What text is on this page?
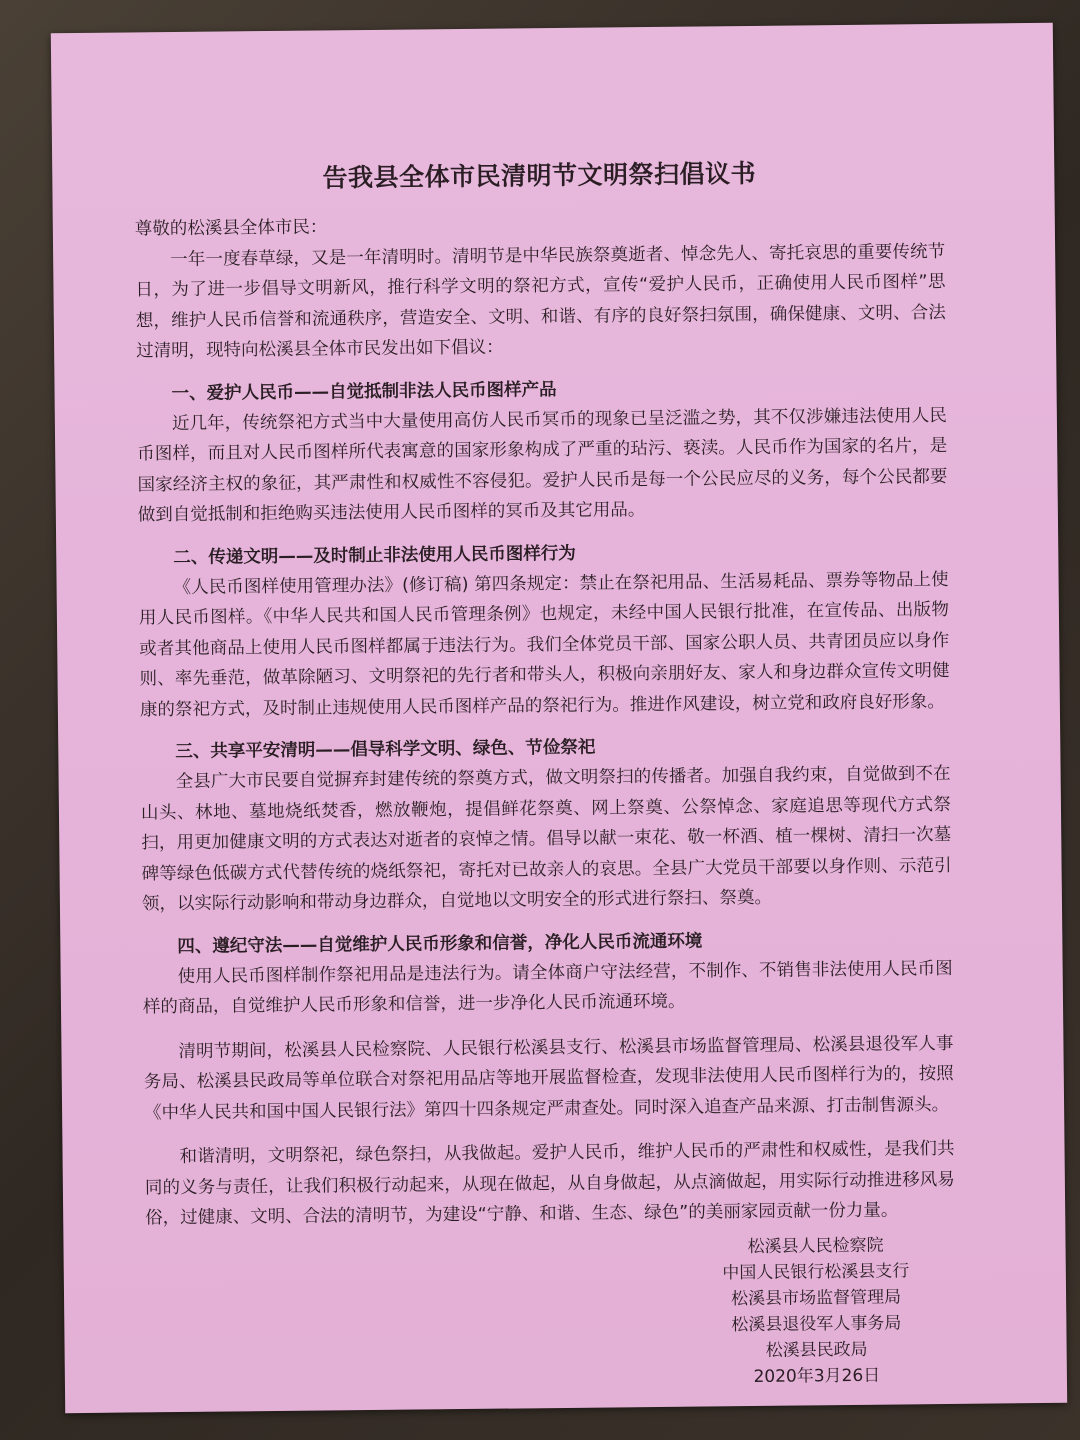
告我县全体市民清明节文明祭扫倡议书
尊敬的松溪县全体市民：

一年一度春草绿，又是一年清明时。清明节是中华民族祭奠逝者、悼念先人、寄托哀思的重要传统节日，为了进一步倡导文明新风，推行科学文明的祭祀方式，宣传“爱护人民币，正确使用人民币图样”思想，维护人民币信誉和流通秩序，营造安全、文明、和谐、有序的良好祭扫氛围，确保健康、文明、合法过清明，现特向松溪县全体市民发出如下倡议：

一、爱护人民币——自觉抵制非法人民币图样产品

近几年，传统祭祀方式当中大量使用高仿人民币冥币的现象已呈泛滥之势，其不仅涉嫌违法使用人民币图样，而且对人民币图样所代表寓意的国家形象构成了严重的玷污、亵渎。人民币作为国家的名片，是国家经济主权的象征，其严肃性和权威性不容侵犯。爱护人民币是每一个公民应尽的义务，每个公民都要做到自觉抵制和拒绝购买违法使用人民币图样的冥币及其它用品。

二、传递文明——及时制止非法使用人民币图样行为

《人民币图样使用管理办法》(修订稿) 第四条规定：禁止在祭祀用品、生活易耗品、票券等物品上使用人民币图样。《中华人民共和国人民币管理条例》也规定，未经中国人民银行批准，在宣传品、出版物或者其他商品上使用人民币图样都属于违法行为。我们全体党员干部、国家公职人员、共青团员应以身作则、率先垂范，做革除陋习、文明祭祀的先行者和带头人，积极向亲朋好友、家人和身边群众宣传文明健康的祭祀方式，及时制止违规使用人民币图样产品的祭祀行为。推进作风建设，树立党和政府良好形象。

三、共享平安清明——倡导科学文明、绿色、节俭祭祀

全县广大市民要自觉摒弃封建传统的祭奠方式，做文明祭扫的传播者。加强自我约束，自觉做到不在山头、林地、墓地烧纸焚香，燃放鞭炮，提倡鲜花祭奠、网上祭奠、公祭悼念、家庭追思等现代方式祭扫，用更加健康文明的方式表达对逝者的哀悼之情。倡导以献一束花、敬一杯酒、植一棵树、清扫一次墓碑等绿色低碳方式代替传统的烧纸祭祀，寄托对已故亲人的哀思。全县广大党员干部要以身作则、示范引领，以实际行动影响和带动身边群众，自觉地以文明安全的形式进行祭扫、祭奠。

四、遵纪守法——自觉维护人民币形象和信誉，净化人民币流通环境

使用人民币图样制作祭祀用品是违法行为。请全体商户守法经营，不制作、不销售非法使用人民币图样的商品，自觉维护人民币形象和信誉，进一步净化人民币流通环境。

清明节期间，松溪县人民检察院、人民银行松溪县支行、松溪县市场监督管理局、松溪县退役军人事务局、松溪县民政局等单位联合对祭祀用品店等地开展监督检查，发现非法使用人民币图样行为的，按照《中华人民共和国中国人民银行法》第四十四条规定严肃查处。同时深入追查产品来源、打击制售源头。

和谐清明，文明祭祀，绿色祭扫，从我做起。爱护人民币，维护人民币的严肃性和权威性，是我们共同的义务与责任，让我们积极行动起来，从现在做起，从自身做起，从点滴做起，用实际行动推进移风易俗，过健康、文明、合法的清明节，为建设“宁静、和谐、生态、绿色”的美丽家园贡献一份力量。

松溪县人民检察院
中国人民银行松溪县支行
松溪县市场监督管理局
松溪县退役军人事务局
松溪县民政局
2020年3月26日
